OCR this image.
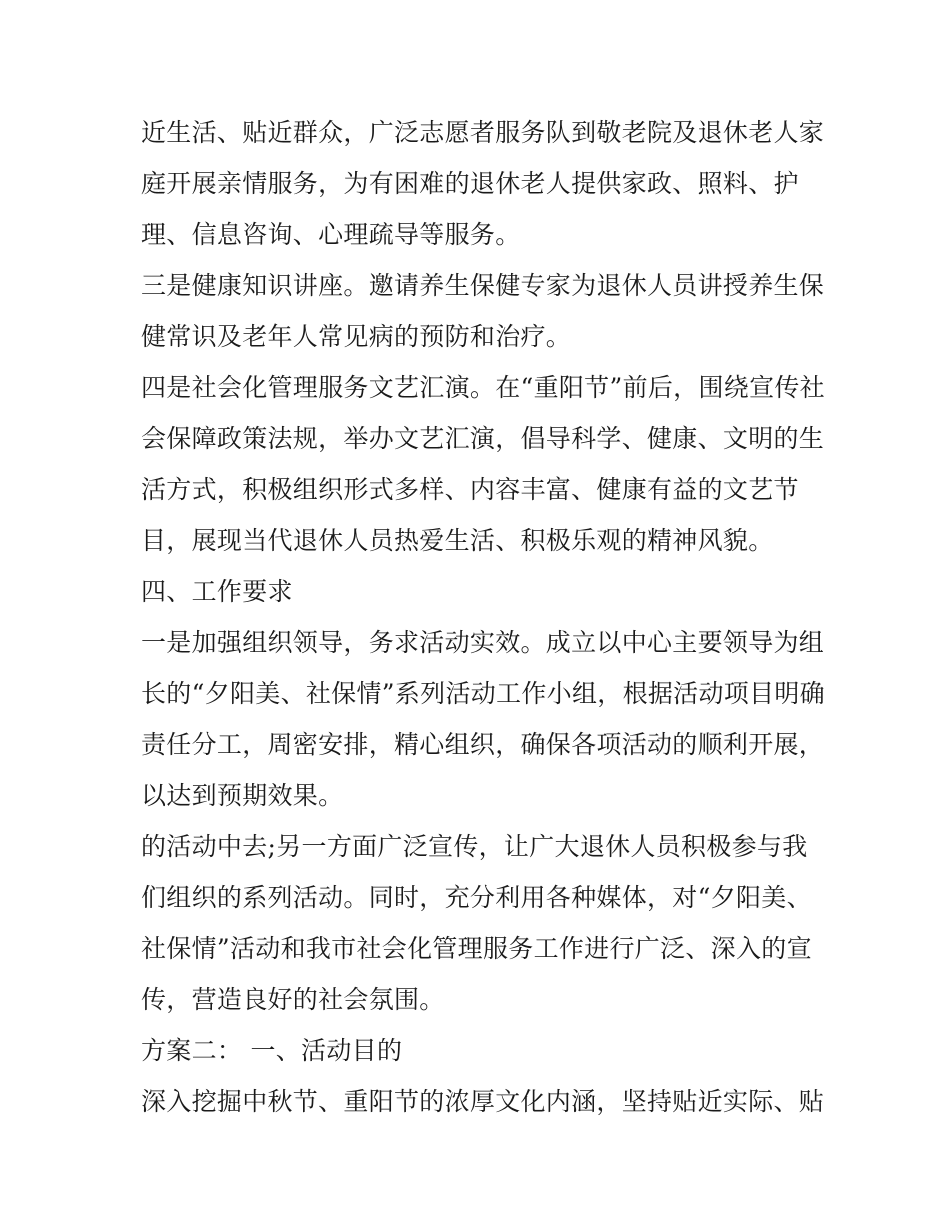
近生活、贴近群众，广泛志愿者服务队到敬老院及退休老人家
庭开展亲情服务，为有困难的退休老人提供家政、照料、护
理、信息咨询、心理疏导等服务。
三是健康知识讲座。邀请养生保健专家为退休人员讲授养生保
健常识及老年人常见病的预防和治疗。
四是社会化管理服务文艺汇演。在“重阳节”前后，围绕宣传社
会保障政策法规，举办文艺汇演，倡导科学、健康、文明的生
活方式，积极组织形式多样、内容丰富、健康有益的文艺节
目，展现当代退休人员热爱生活、积极乐观的精神风貌。
四、工作要求
一是加强组织领导，务求活动实效。成立以中心主要领导为组
长的“夕阳美、社保情”系列活动工作小组，根据活动项目明确
责任分工，周密安排，精心组织，确保各项活动的顺利开展，
以达到预期效果。
的活动中去;另一方面广泛宣传，让广大退休人员积极参与我
们组织的系列活动。同时，充分利用各种媒体，对“夕阳美、
社保情”活动和我市社会化管理服务工作进行广泛、深入的宣
传，营造良好的社会氛围。
方案二： 一、活动目的
深入挖掘中秋节、重阳节的浓厚文化内涵，坚持贴近实际、贴
